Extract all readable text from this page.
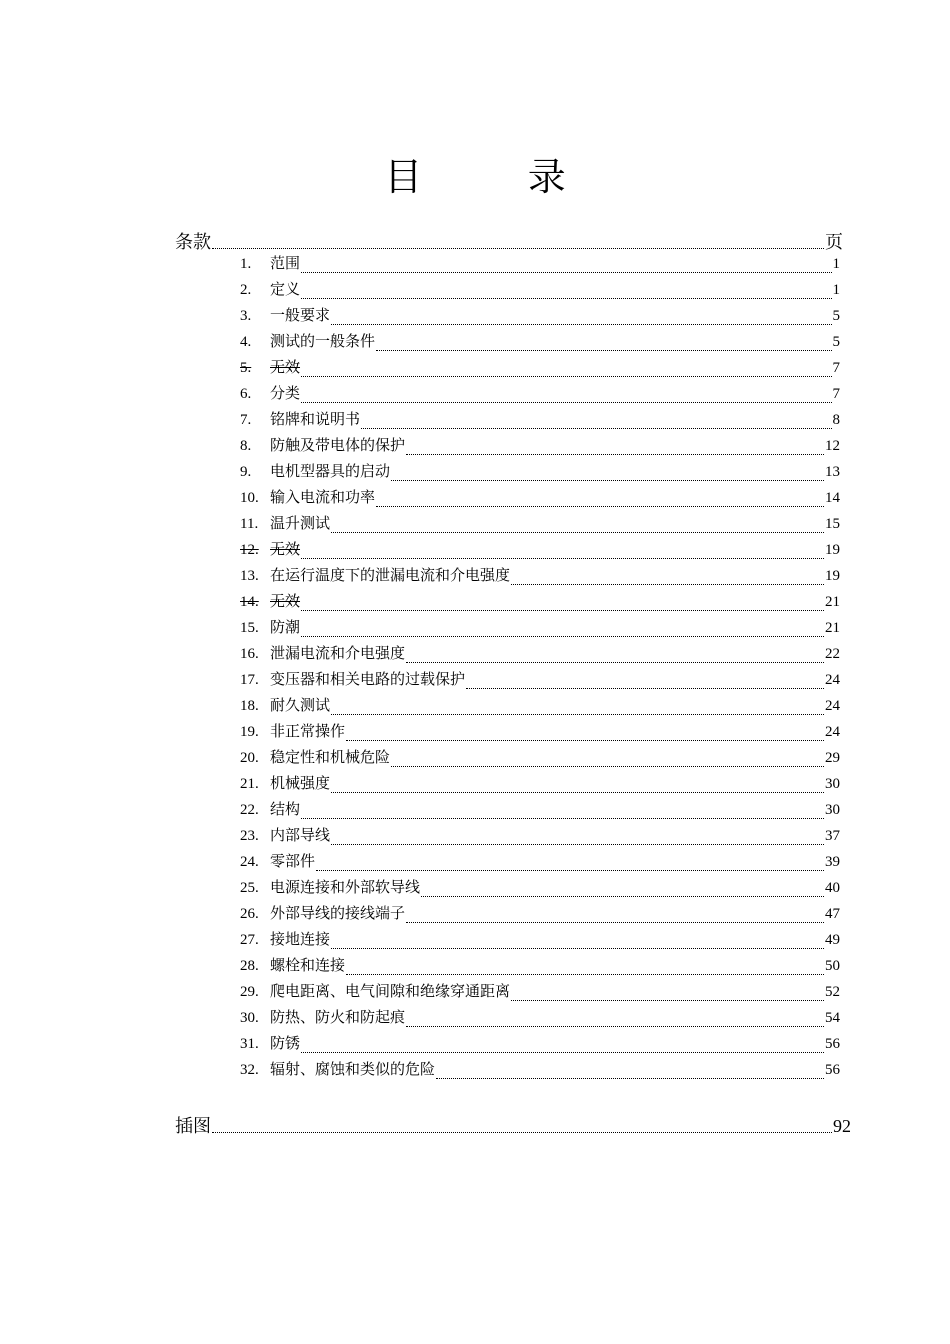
目 录
条款	页
1.	范围	1
2.	定义	1
3.	一般要求	5
4.	测试的一般条件	5
5.	无效	7
6.	分类	7
7.	铭牌和说明书	8
8.	防触及带电体的保护	12
9.	电机型器具的启动	13
10. 输入电流和功率	14
11. 温升测试	15
12. 无效	19
13. 在运行温度下的泄漏电流和介电强度	19
14. 无效	21
15. 防潮	21
16. 泄漏电流和介电强度	22
17. 变压器和相关电路的过载保护	24
18. 耐久测试	24
19. 非正常操作	24
20. 稳定性和机械危险	29
21. 机械强度	30
22. 结构	30
23. 内部导线	37
24. 零部件	39
25. 电源连接和外部软导线	40
26. 外部导线的接线端子	47
27. 接地连接	49
28. 螺栓和连接	50
29. 爬电距离、电气间隙和绝缘穿通距离	52
30. 防热、防火和防起痕	54
31. 防锈	56
32. 辐射、腐蚀和类似的危险	56
插图	92
